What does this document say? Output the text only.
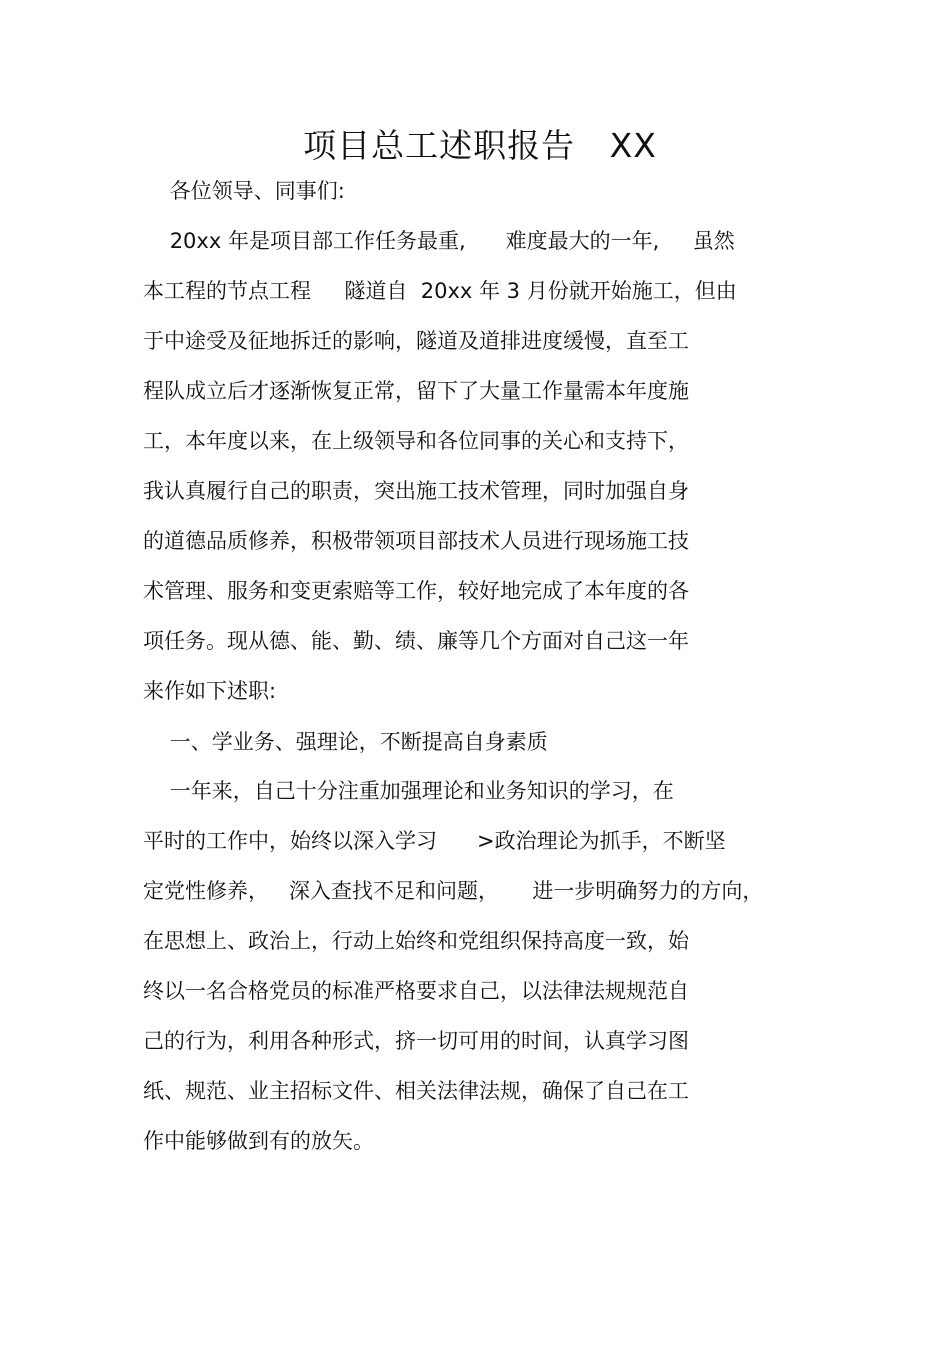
项目总工述职报告   XX
各位领导、同事们:
20xx 年是项目部工作任务最重,      难度最大的一年,     虽然
本工程的节点工程     隧道自  20xx 年 3 月份就开始施工，但由
于中途受及征地拆迁的影响，隧道及道排进度缓慢，直至工
程队成立后才逐渐恢复正常，留下了大量工作量需本年度施
工，本年度以来，在上级领导和各位同事的关心和支持下，
我认真履行自己的职责，突出施工技术管理，同时加强自身
的道德品质修养，积极带领项目部技术人员进行现场施工技
术管理、服务和变更索赔等工作，较好地完成了本年度的各
项任务。现从德、能、勤、绩、廉等几个方面对自己这一年
来作如下述职:
一、学业务、强理论，不断提高自身素质
一年来，自己十分注重加强理论和业务知识的学习，在
平时的工作中，始终以深入学习      >政治理论为抓手，不断坚
定党性修养，   深入查找不足和问题，     进一步明确努力的方向，
在思想上、政治上，行动上始终和党组织保持高度一致，始
终以一名合格党员的标准严格要求自己，以法律法规规范自
己的行为，利用各种形式，挤一切可用的时间，认真学习图
纸、规范、业主招标文件、相关法律法规，确保了自己在工
作中能够做到有的放矢。
